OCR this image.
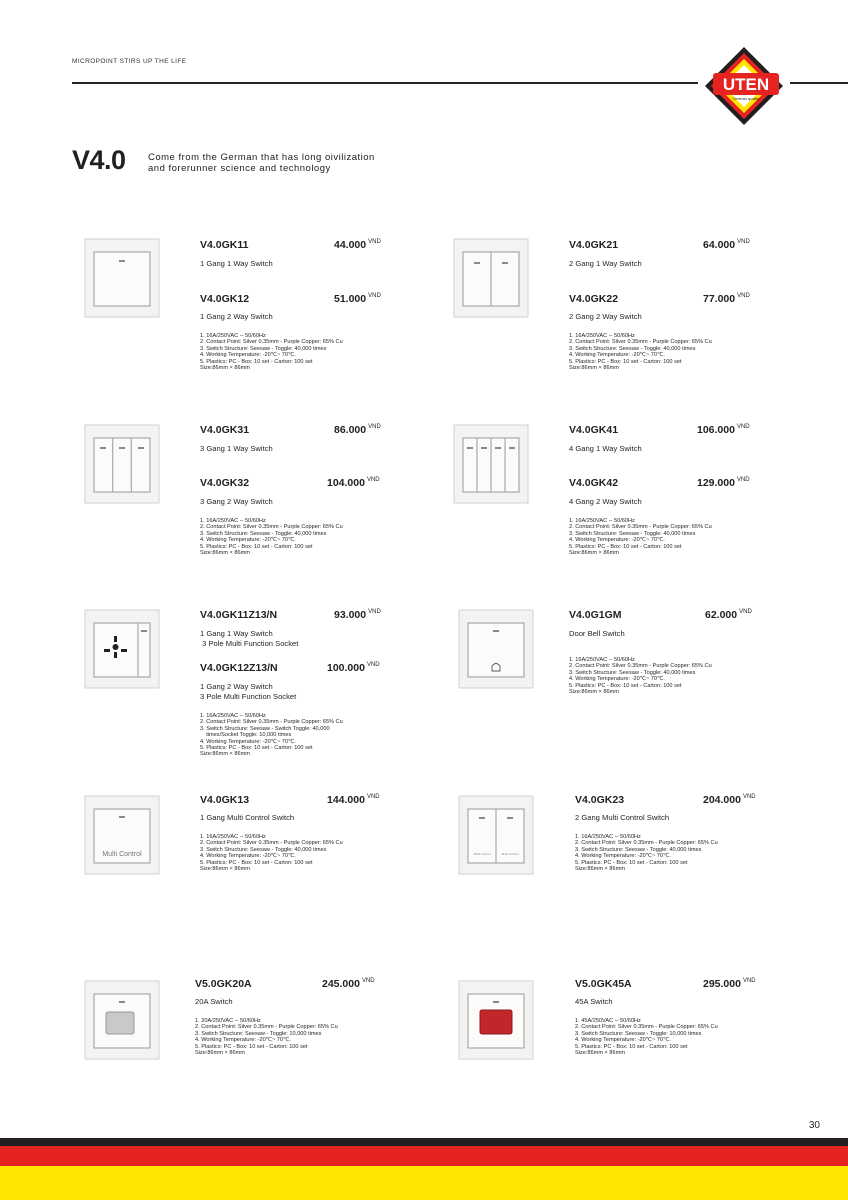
MICROPOINT STIRS UP THE LIFE
UTEN
German quality
V4.0 Come from the German that has long oivilization
and forerunner science and technology
V4.0GK11	44.000 $^{VND}$
1 Gang 1 Way Switch
V4.0GK12	51.000 $^{VND}$
1 Gang 2 Way Switch
1. 16A/250VAC -- 50/60Hz
2. Contact Point: Silver 0.35mm - Purple Copper: 65% Cu
3. Switch Structure: Seesaw - Toggle: 40,000 times
4. Working Temperature: -20℃~ 70℃.
5. Plastics: PC - Box: 10 set - Carton: 100 set
Size:86mm × 86mm
V4.0GK21	64.000 $^{VND}$
2 Gang 1 Way Switch
V4.0GK22	77.000 $^{VND}$
2 Gang 2 Way Switch
1. 16A/250VAC -- 50/60Hz
2. Contact Point: Silver 0.35mm - Purple Copper: 65% Cu
3. Switch Structure: Seesaw - Toggle: 40,000 times
4. Working Temperature: -20℃~ 70℃.
5. Plastics: PC - Box: 10 set - Carton: 100 set
Size:86mm × 86mm
V4.0GK31	86.000 $^{VND}$
3 Gang 1 Way Switch
V4.0GK32	104.000 $^{VND}$
3 Gang 2 Way Switch
1. 16A/250VAC -- 50/60Hz
2. Contact Point: Silver 0.35mm - Purple Copper: 65% Cu
3. Switch Structure: Seesaw - Toggle: 40,000 times
4. Working Temperature: -20℃~ 70℃.
5. Plastics: PC - Box: 10 set - Carton: 100 set
Size:86mm × 86mm
V4.0GK41	106.000 $^{VND}$
4 Gang 1 Way Switch
V4.0GK42	129.000 $^{VND}$
4 Gang 2 Way Switch
1. 16A/250VAC -- 50/60Hz
2. Contact Point: Silver 0.35mm - Purple Copper: 65% Cu
3. Switch Structure: Seesaw - Toggle: 40,000 times
4. Working Temperature: -20℃~ 70℃.
5. Plastics: PC - Box: 10 set - Carton: 100 set
Size:86mm × 86mm
V4.0GK11Z13/N	93.000 $^{VND}$
1 Gang 1 Way Switch
3 Pole Multi Function Socket
V4.0GK12Z13/N	100.000 $^{VND}$
1 Gang 2 Way Switch
3 Pole Multi Function Socket
1. 16A/250VAC -- 50/60Hz
2. Contact Point: Silver 0.35mm - Purple Copper: 65% Cu
3. Switch Structure: Seesaw - Switch Toggle: 40,000
times/Socket Toggle: 10,000 times
4. Working Temperature: -20℃~ 70℃.
5. Plastics: PC - Box: 10 set - Carton: 100 set
Size:86mm × 86mm
V4.0G1GM	62.000 $^{VND}$
Door Bell Switch
1. 16A/250VAC -- 50/60Hz
2. Contact Point: Silver 0.35mm - Purple Copper: 65% Cu
3. Switch Structure: Seesaw - Toggle: 40,000 times
4. Working Temperature: -20℃~ 70℃.
5. Plastics: PC - Box: 10 set - Carton: 100 set
Size:86mm × 86mm
Multi Control
V4.0GK13	144.000 $^{VND}$
1 Gang Multi Control Switch
1. 16A/250VAC -- 50/60Hz
2. Contact Point: Silver 0.35mm - Purple Copper: 65% Cu
3. Switch Structure: Seesaw - Toggle: 40,000 times
4. Working Temperature: -20℃~ 70℃.
5. Plastics: PC - Box: 10 set - Carton: 100 set
Size:86mm × 86mm
Multi Control	Multi Control
V4.0GK23	204.000 $^{VND}$
2 Gang Multi Control Switch
1. 16A/250VAC -- 50/60Hz
2. Contact Point: Silver 0.35mm - Purple Copper: 65% Cu
3. Switch Structure: Seesaw - Toggle: 40,000 times
4. Working Temperature: -20℃~ 70℃.
5. Plastics: PC - Box: 10 set - Carton: 100 set
Size:86mm × 86mm
V5.0GK20A	245.000 $^{VND}$
20A Switch
1. 20A/250VAC -- 50/60Hz
2. Contact Point: Silver 0.35mm - Purple Copper: 65% Cu
3. Switch Structure: Seesaw - Toggle: 10,000 times
4. Working Temperature: -20℃~ 70℃.
5. Plastics: PC - Box: 10 set - Carton: 100 set
Size:86mm × 86mm
V5.0GK45A	295.000 $^{VND}$
45A Switch
1. 45A/250VAC -- 50/60Hz
2. Contact Point: Silver 0.35mm - Purple Copper: 65% Cu
3. Switch Structure: Seesaw - Toggle: 10,000 times
4. Working Temperature: -20℃~ 70℃.
5. Plastics: PC - Box: 10 set - Carton: 100 set
Size:86mm × 86mm
30
